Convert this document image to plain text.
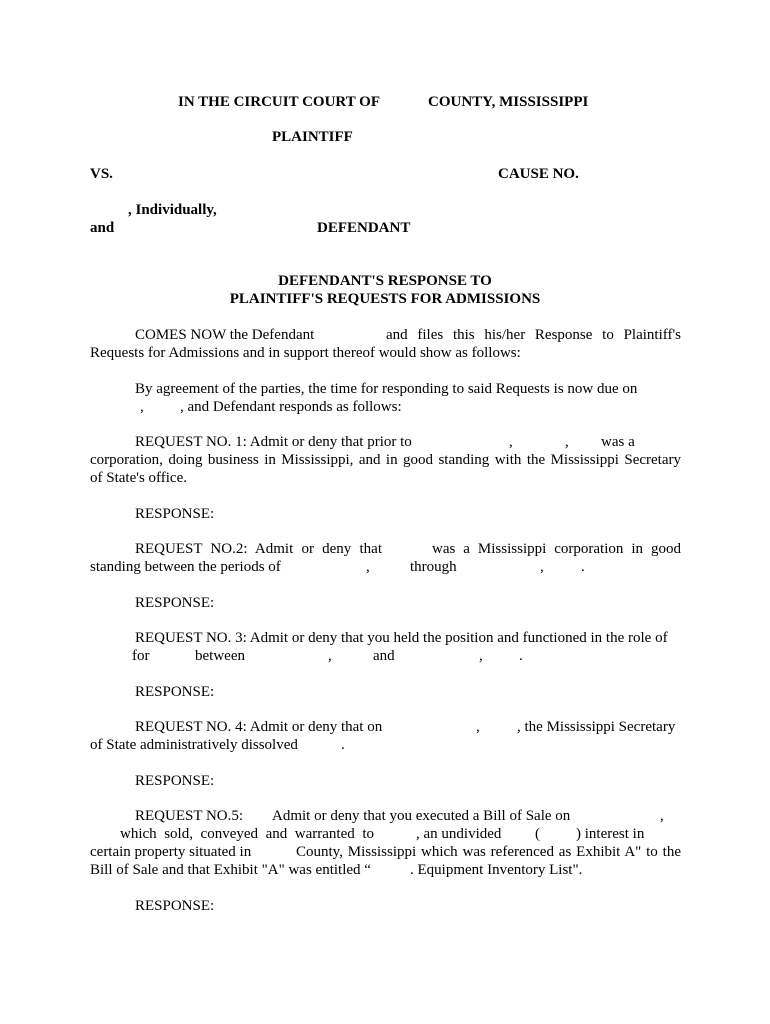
IN THE CIRCUIT COURT OF	COUNTY, MISSISSIPPI
PLAINTIFF
VS.	CAUSE NO.
, Individually,
and	DEFENDANT
DEFENDANT'S RESPONSE TO
PLAINTIFF'S REQUESTS FOR ADMISSIONS
COMES NOW the Defendant	and files this his/her Response to Plaintiff's
Requests for Admissions and in support thereof would show as follows:
By agreement of the parties, the time for responding to said Requests is now due on
, , and Defendant responds as follows:
REQUEST NO. 1: Admit or deny that prior to	,	, was a
corporation, doing business in Mississippi, and in good standing with the Mississippi Secretary
of State's office.
RESPONSE:
REQUEST NO.2: Admit or deny that	was a Mississippi corporation in good
standing between the periods of	,	through	, .
RESPONSE:
REQUEST NO. 3: Admit or deny that you held the position and functioned in the role of
for	between	,	and	, .
RESPONSE:
REQUEST NO. 4: Admit or deny that on	, , the Mississippi Secretary
of State administratively dissolved	.
RESPONSE:
REQUEST NO.5: Admit or deny that you executed a Bill of Sale on	,
which sold, conveyed and warranted to	, an undivided ( ) interest in
certain property situated in	County, Mississippi which was referenced as Exhibit A" to the
Bill of Sale and that Exhibit "A" was entitled “	. Equipment Inventory List".
RESPONSE:
